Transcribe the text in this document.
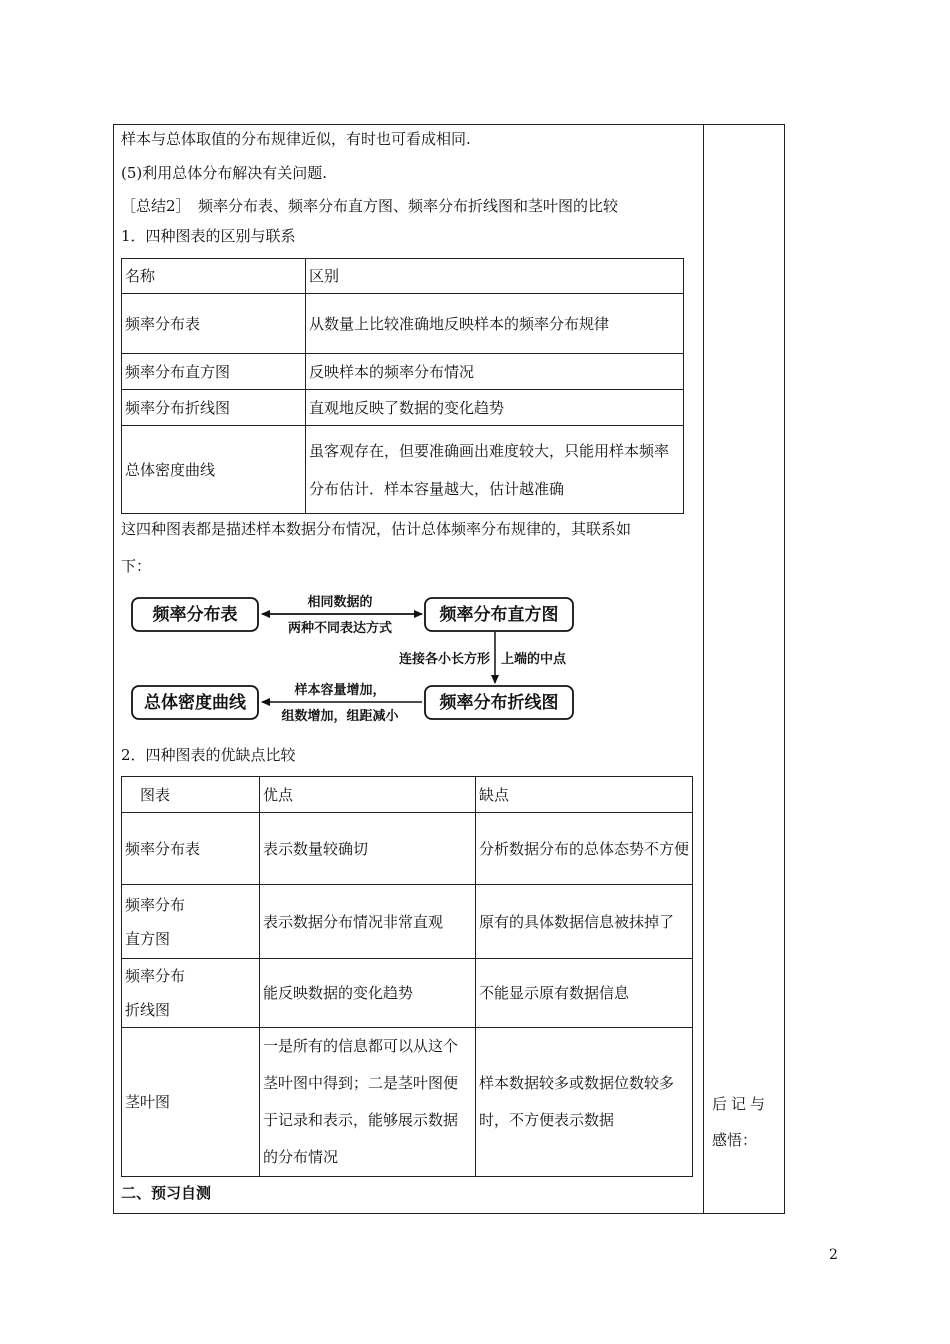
样本与总体取值的分布规律近似，有时也可看成相同.
(5)利用总体分布解决有关问题.
［总结2］　频率分布表、频率分布直方图、频率分布折线图和茎叶图的比较
1．四种图表的区别与联系
名称	区别
频率分布表	从数量上比较准确地反映样本的频率分布规律
频率分布直方图	反映样本的频率分布情况
频率分布折线图	直观地反映了数据的变化趋势
总体密度曲线	虽客观存在，但要准确画出难度较大，只能用样本频率分布估计．样本容量越大，估计越准确
这四种图表都是描述样本数据分布情况，估计总体频率分布规律的，其联系如
下：
频率分布表	频率分布直方图
频率分布折线图
总体密度曲线
相同数据的
两种不同表达方式
连接各小长方形 上端的中点
样本容量增加，
组数增加，组距减小
2．四种图表的优缺点比较
图表	优点	缺点
频率分布表	表示数量较确切	分析数据分布的总体态势不方便

频率分布直方图	表示数据分布情况非常直观	原有的具体数据信息被抹掉了

频率分布折线图	能反映数据的变化趋势	不能显示原有数据信息
茎叶图	一是所有的信息都可以从这个茎叶图中得到；二是茎叶图便于记录和表示，能够展示数据的分布情况	样本数据较多或数据位数较多时，不方便表示数据
二、预习自测
后记与
感悟：
2
